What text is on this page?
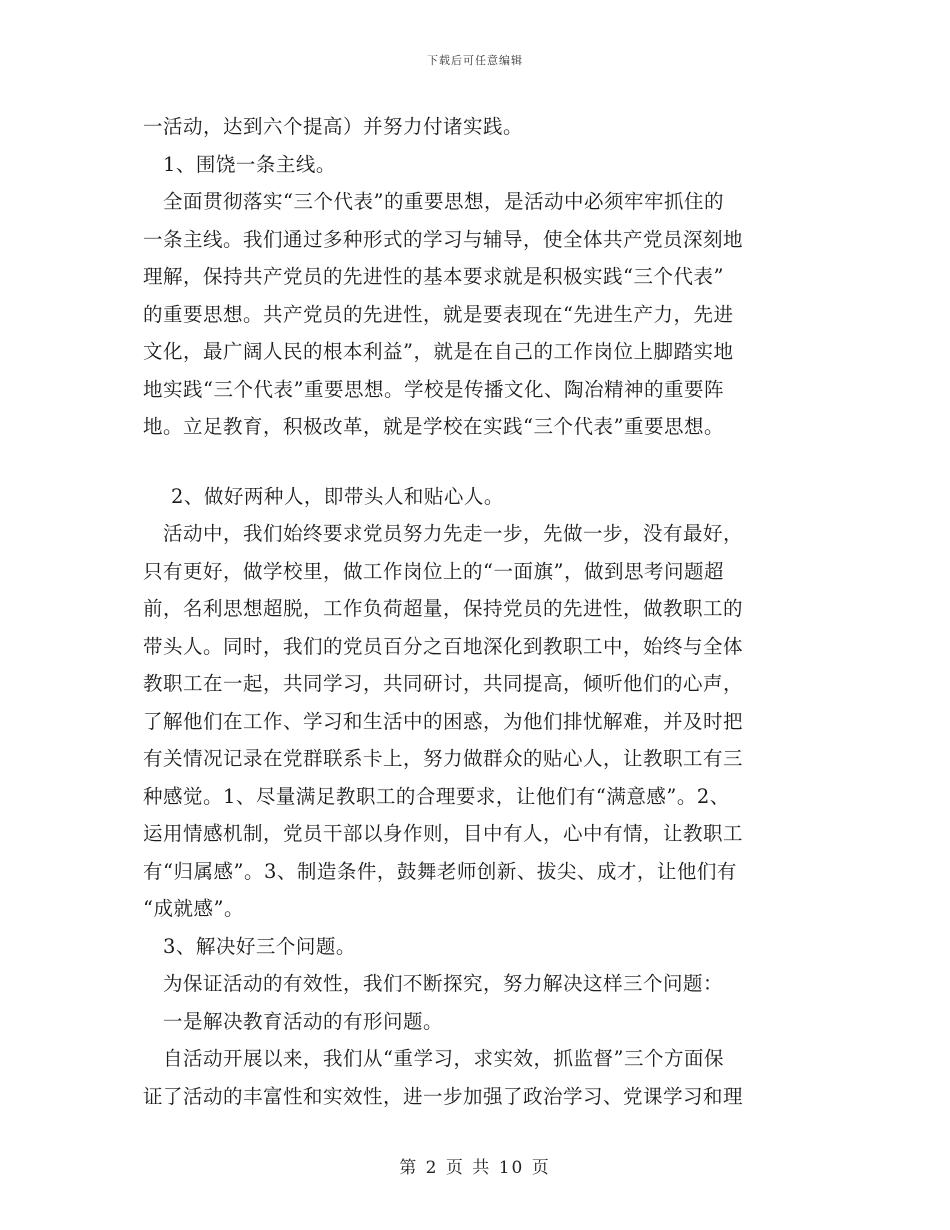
下载后可任意编辑
一活动，达到六个提高）并努力付诸实践。
1、围饶一条主线。
全面贯彻落实“三个代表”的重要思想，是活动中必须牢牢抓住的
一条主线。我们通过多种形式的学习与辅导，使全体共产党员深刻地
理解，保持共产党员的先进性的基本要求就是积极实践“三个代表”
的重要思想。共产党员的先进性，就是要表现在“先进生产力，先进
文化，最广阔人民的根本利益”，就是在自己的工作岗位上脚踏实地
地实践“三个代表”重要思想。学校是传播文化、陶冶精神的重要阵
地。立足教育，积极改革，就是学校在实践“三个代表”重要思想。
2、做好两种人，即带头人和贴心人。
活动中，我们始终要求党员努力先走一步，先做一步，没有最好，
只有更好，做学校里，做工作岗位上的“一面旗”，做到思考问题超
前，名利思想超脱，工作负荷超量，保持党员的先进性，做教职工的
带头人。同时，我们的党员百分之百地深化到教职工中，始终与全体
教职工在一起，共同学习，共同研讨，共同提高，倾听他们的心声，
了解他们在工作、学习和生活中的困惑，为他们排忧解难，并及时把
有关情况记录在党群联系卡上，努力做群众的贴心人，让教职工有三
种感觉。1、尽量满足教职工的合理要求，让他们有“满意感”。2、
运用情感机制，党员干部以身作则，目中有人，心中有情，让教职工
有“归属感”。3、制造条件，鼓舞老师创新、拔尖、成才，让他们有
“成就感”。
3、解决好三个问题。
为保证活动的有效性，我们不断探究，努力解决这样三个问题：
一是解决教育活动的有形问题。
自活动开展以来，我们从“重学习，求实效，抓监督”三个方面保
证了活动的丰富性和实效性，进一步加强了政治学习、党课学习和理
第 2 页 共 10 页
